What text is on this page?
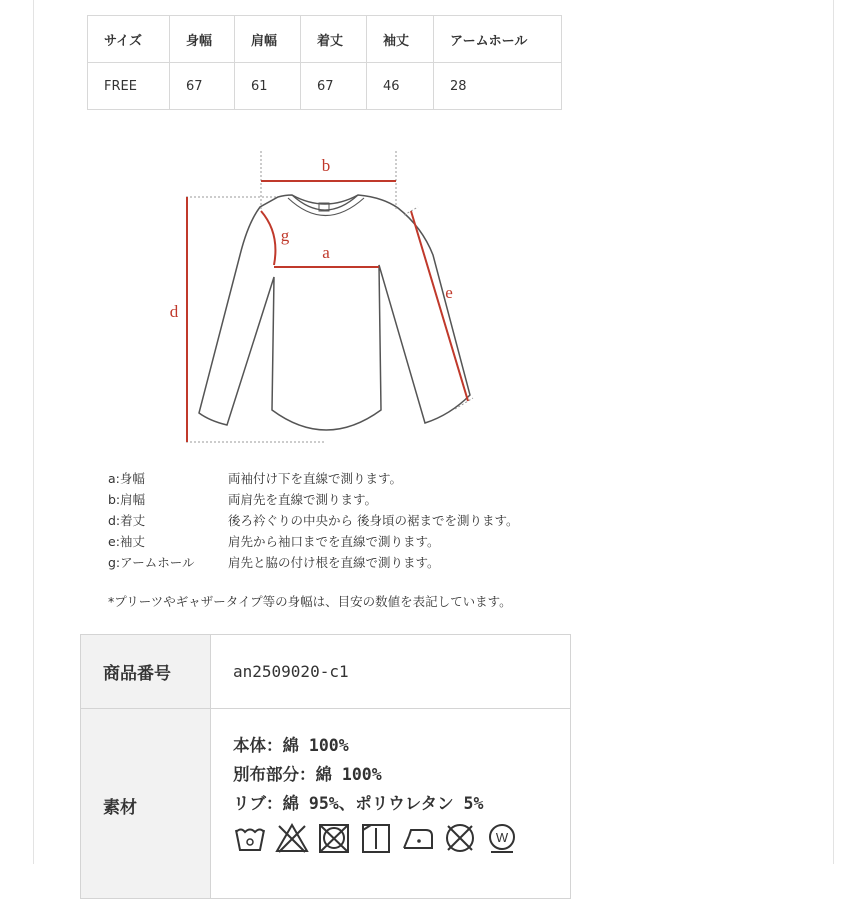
サイズ	身幅	肩幅	着丈	袖丈	アームホール
FREE	67	61	67	46	28
b
a
g
d
e
a:身幅	両袖付け下を直線で測ります。
b:肩幅	両肩先を直線で測ります。
d:着丈	後ろ衿ぐりの中央から 後身頃の裾までを測ります。
e:袖丈	肩先から袖口までを直線で測ります。
g:アームホール	肩先と脇の付け根を直線で測ります。
*プリーツやギャザータイプ等の身幅は、目安の数値を表記しています。
商品番号	an2509020-c1
素材	本体：綿 100%
別布部分：綿 100%
リブ：綿 95%、ポリウレタン 5%
W
